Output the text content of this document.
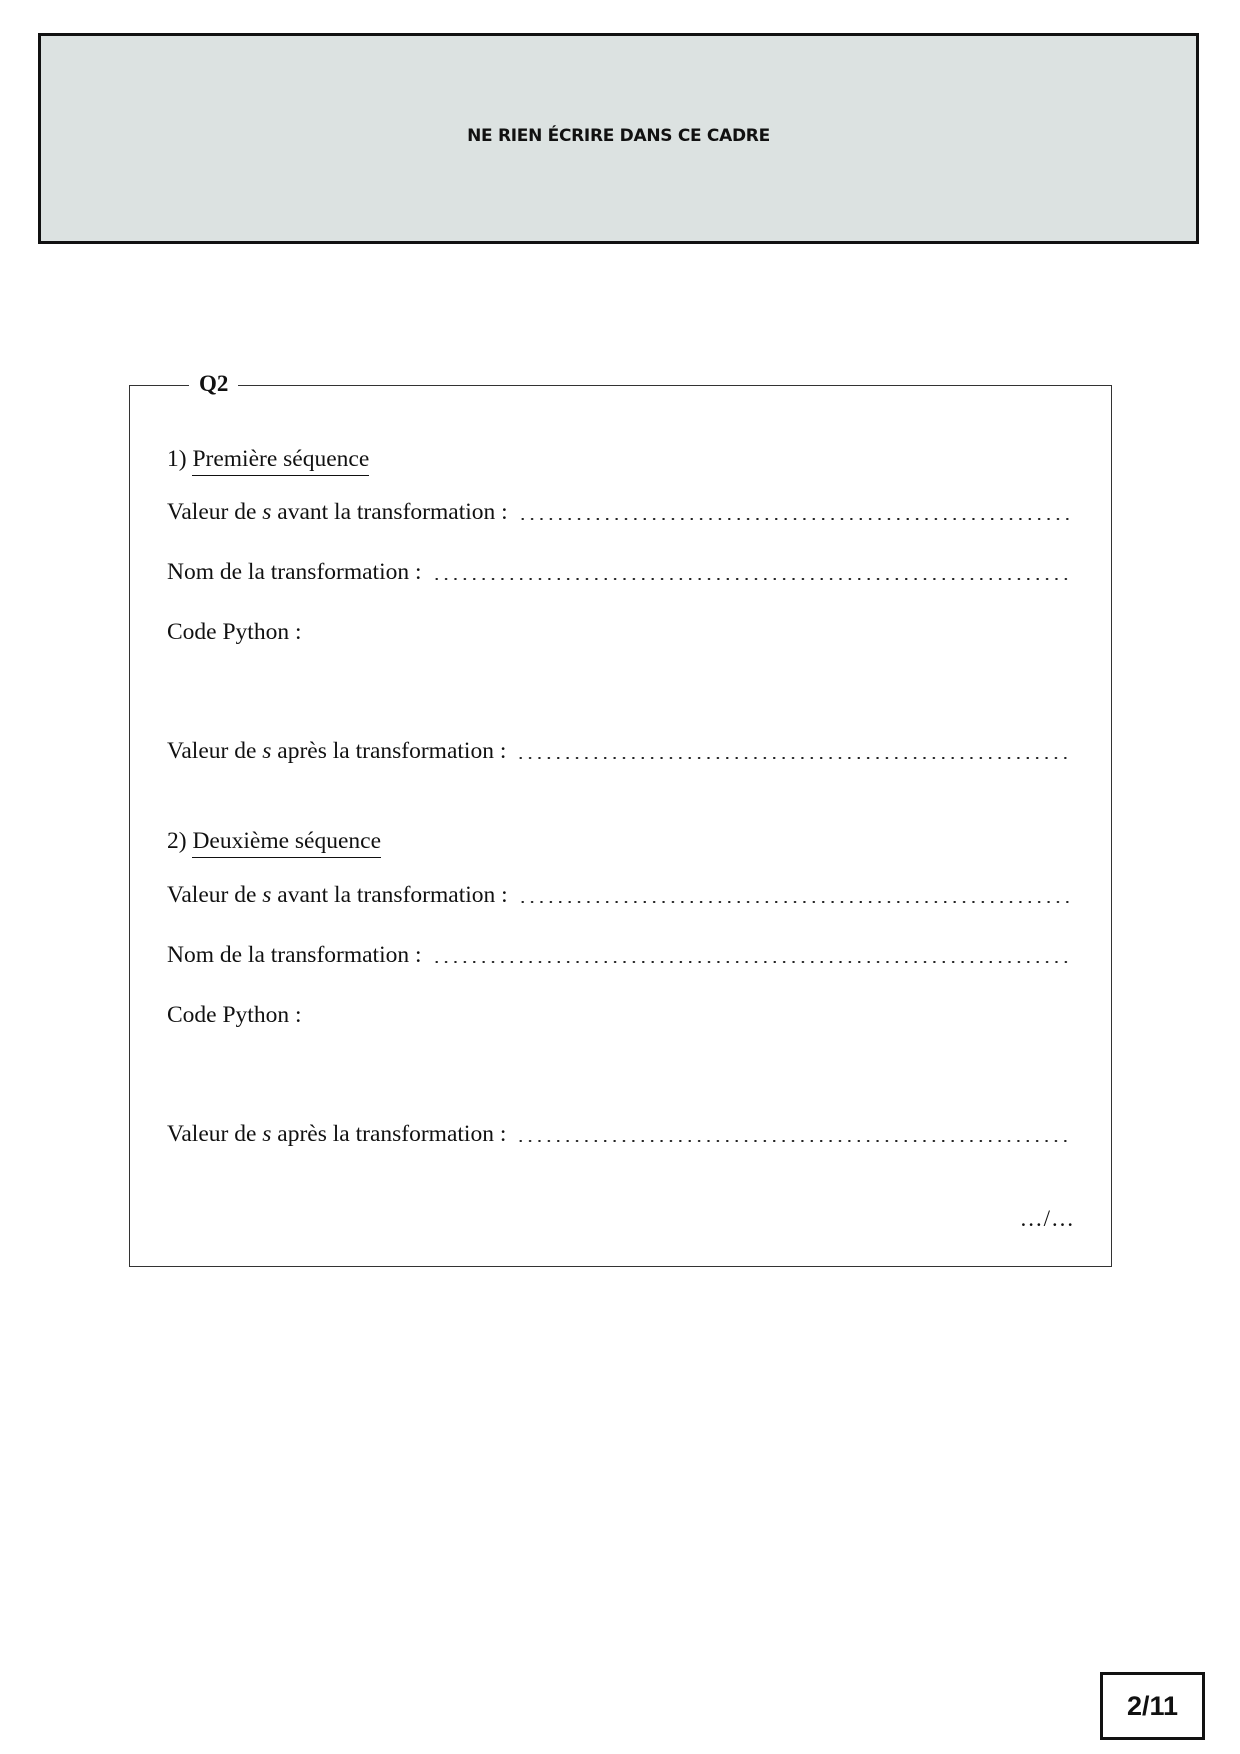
NE RIEN ÉCRIRE DANS CE CADRE
Q2
1) Première séquence
Valeur de s avant la transformation :
Nom de la transformation :
Code Python :
Valeur de s après la transformation :
2) Deuxième séquence
Valeur de s avant la transformation :
Nom de la transformation :
Code Python :
Valeur de s après la transformation :
…/…
2/11
